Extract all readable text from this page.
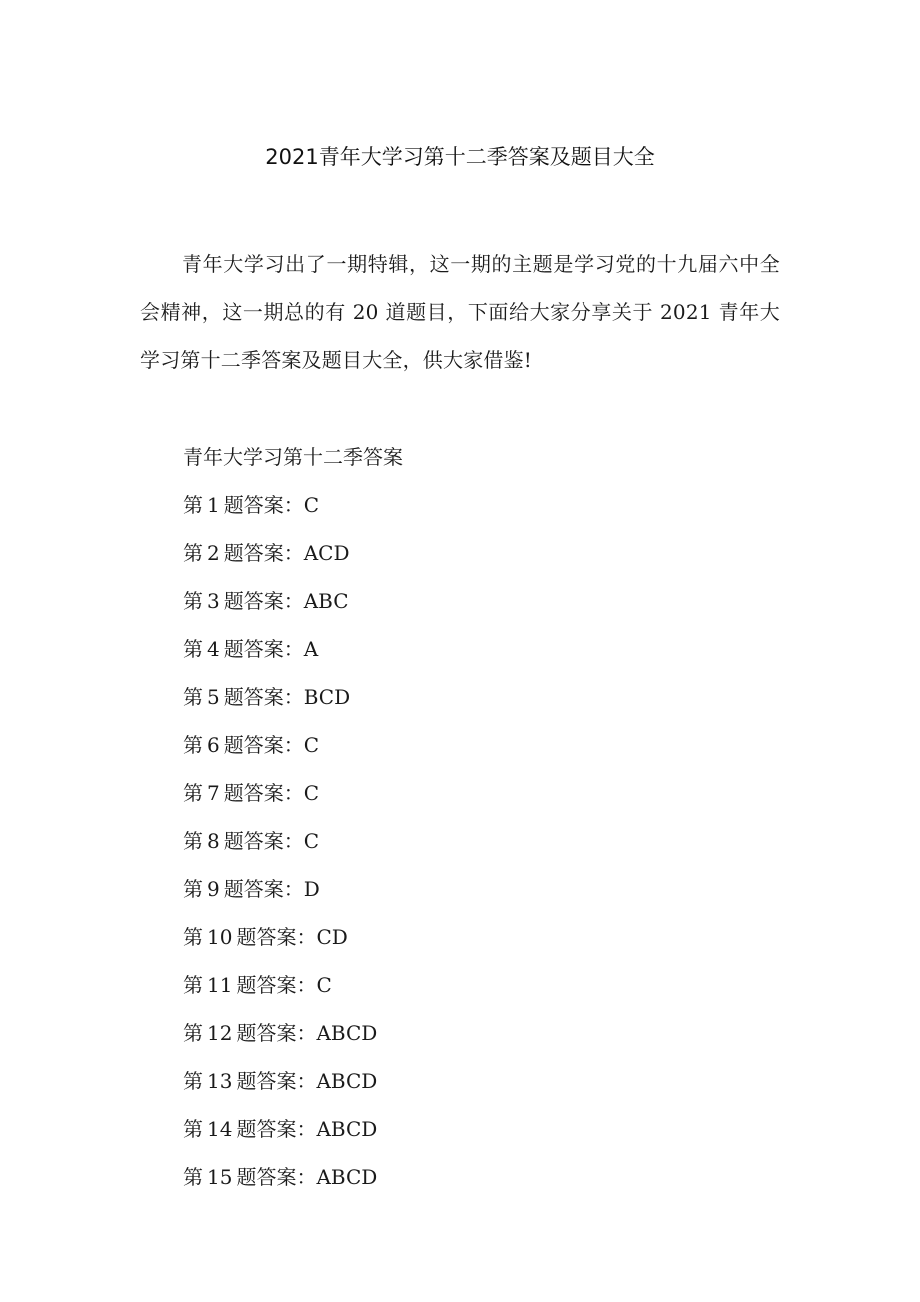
2021青年大学习第十二季答案及题目大全
青年大学习出了一期特辑，这一期的主题是学习党的十九届六中全会精神，这一期总的有 20 道题目，下面给大家分享关于 2021 青年大学习第十二季答案及题目大全，供大家借鉴!
青年大学习第十二季答案
第 1 题答案：C
第 2 题答案：ACD
第 3 题答案：ABC
第 4 题答案：A
第 5 题答案：BCD
第 6 题答案：C
第 7 题答案：C
第 8 题答案：C
第 9 题答案：D
第 10 题答案：CD
第 11 题答案：C
第 12 题答案：ABCD
第 13 题答案：ABCD
第 14 题答案：ABCD
第 15 题答案：ABCD
